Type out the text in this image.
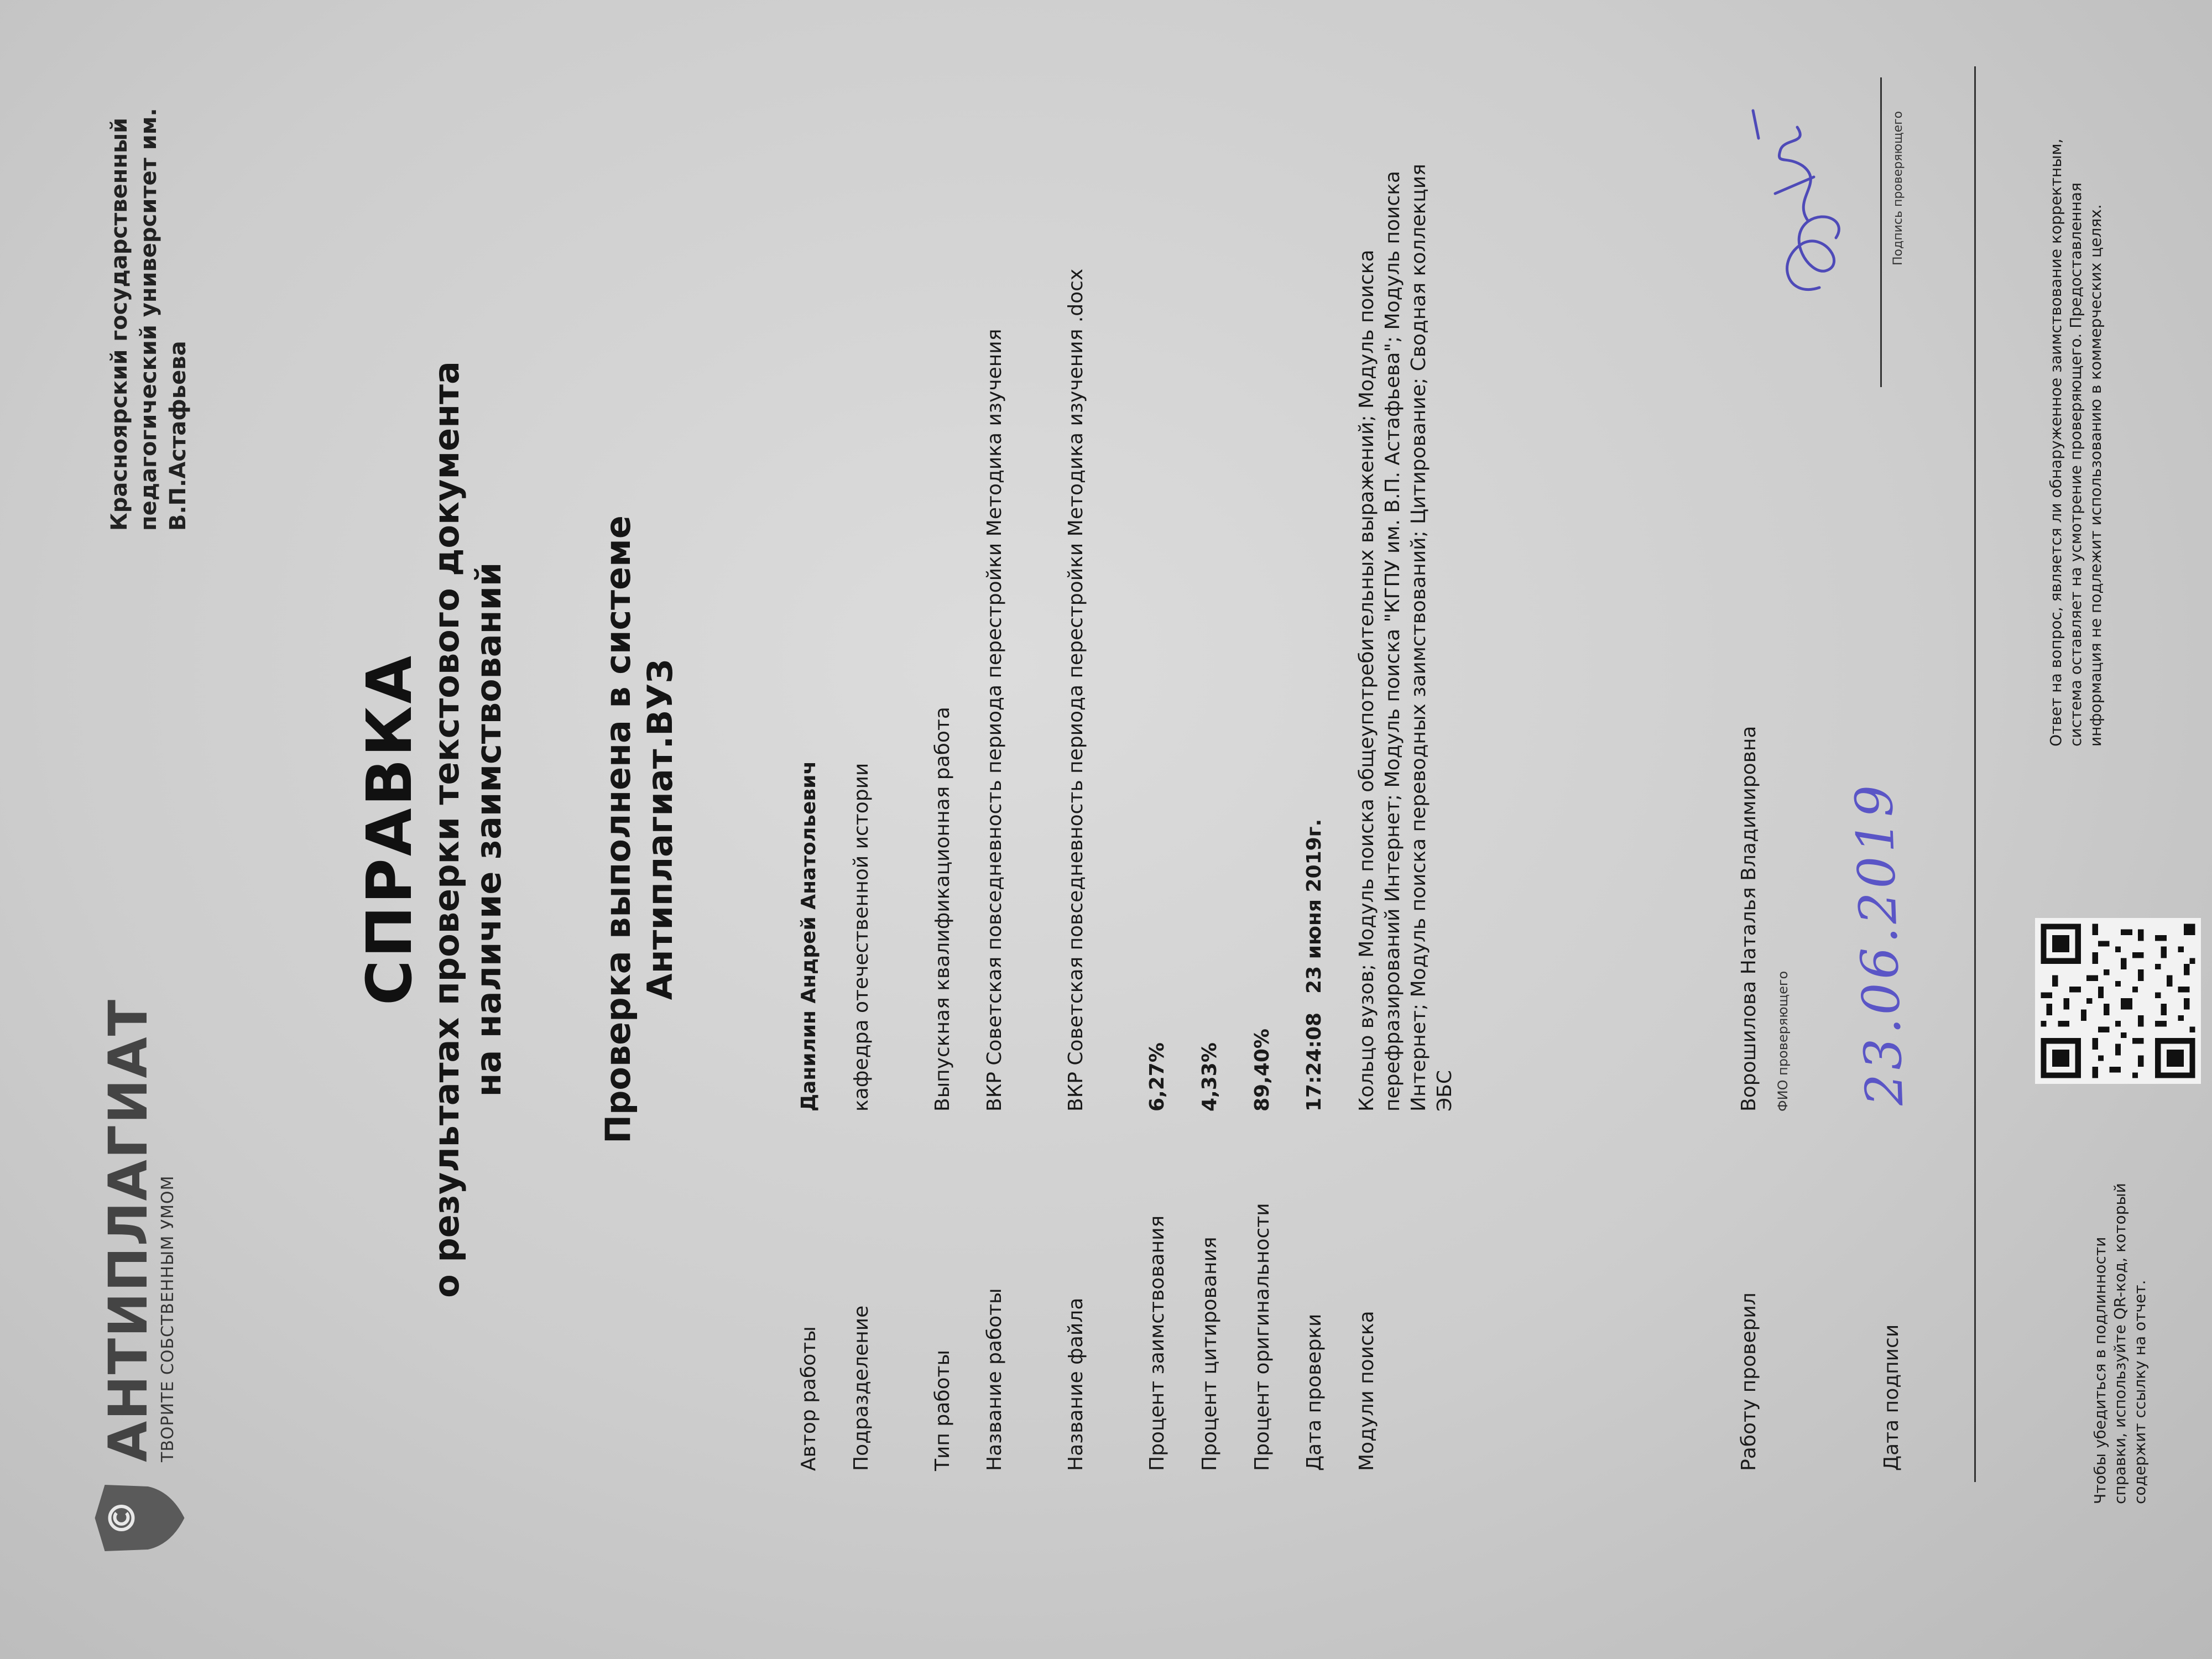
АНТИПЛАГИАТ
ТВОРИТЕ СОБСТВЕННЫМ УМОМ
Красноярский государственный педагогический университет им. В.П.Астафьева
СПРАВКА о результатах проверки текстового документа на наличие заимствований	Проверка выполнена в системе Антиплагиат.ВУЗ
Автор работы
Данилин Андрей Анатольевич
Подразделение
кафедра отечественной истории
Тип работы
Выпускная квалификационная работа
Название работы
ВКР Советская повседневность периода перестройки Методика изучения
Название файла
ВКР Советская повседневность периода перестройки Методика изучения .docx
Процент заимствования
6,27%
Процент цитирования
4,33%
Процент оригинальности
89,40%
Дата проверки
17:24:08
23 июня 2019г.
Модули поиска
Кольцо вузов; Модуль поиска общеупотребительных выражений; Модуль поиска перефразирований Интернет; Модуль поиска "КГПУ им. В.П. Астафьева"; Модуль поиска Интернет; Модуль поиска переводных заимствований; Цитирование; Сводная коллекция ЭБС
Работу проверил
Ворошилова Наталья Владимировна ФИО проверяющего
Подпись проверяющего
Дата подписи
23.06.2019
Чтобы убедиться в подлинности справки, используйте QR-код, который содержит ссылку на отчет.
Ответ на вопрос, является ли обнаруженное заимствование корректным, система оставляет на усмотрение проверяющего. Предоставленная информация не подлежит использованию в коммерческих целях.
